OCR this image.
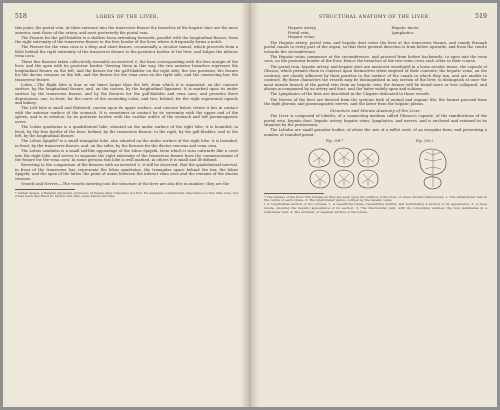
518	LOBES OF THE LIVER.

this point, the portal vein. At their entrance into the transverse fissure the branches of the hepatic duct are the most anterior, next those of the artery, and most posteriorly the portal vein.

The Fissure for the gall-bladder is a shallow fossa extending forwards, parallel with the longitudinal fissure, from the right extremity of the transverse fissure to the free border of the liver, where it frequently forms a notch.

The Fissure for the vena cava is a deep and short fissure, occasionally a circular tunnel, which proceeds from a little behind the right extremity of the transverse fissure to the posterior border of the liver, and lodges the inferior vena cava.

These five fissures taken collectively resemble an inverted ⋎, the base corresponding with the free margin of the liver, and the apex with its posterior border. Viewing them in this way, the two anterior branches represent the longitudinal fissure on the left, and the fissure for the gall-bladder on the right side; the two posterior, the fissure for the ductus venosus on the left, and the fissure for the vena cava on the right side; and the connecting bar, the transverse fissure.

Lobes.—The Right lobe is four or six times larger than the left, from which it is separated, on the concave surface, by the longitudinal fissure, and, on the convex, by the longitudinal ligament. It is marked upon its under surface by the transverse fissure, and by the fissures for the gall-bladder and vena cava; and presents three depressions, one, in front, for the curve of the ascending colon, and two, behind, for the right suprarenal capsule and kidney.

The Left lobe is small and flattened, convex upon its upper surface, and concave below, where it lies in contact with the anterior surface of the stomach. It is sometimes in contact by its extremity with the upper end of the spleen, and is in relation, by its posterior border, with the cardiac orifice of the stomach and left pneumogastric nerve.

The Lobus quadratus is a quadrilateral lobe, situated on the under surface of the right lobe; it is bounded, in front, by the free border of the liver; behind, by the transverse fissure; to the right, by the gall-bladder; and to the left, by the longitudinal fissure.

The Lobus Spigelii* is a small triangular lobe, also situated on the under surface of the right lobe: it is bounded, in front, by the transverse fissure; and, on the sides, by the fissures for the ductus venosus and vena cava.

The Lobus caudatus is a small tail-like appendage of the lobus Spigelii, from which it runs outwards like a crest into the right lobe, and serves to separate the right extremity of the transverse fissure from the commencement of the fissure for the vena cava. In some persons this lobe is well marked, in others it is small and ill-defined.

Reverting to the comparison of the fissures with an inverted ⋎, it will be observed, that the quadrilateral interval, in front of the transverse bar, represents the lobus quadratus; the triangular space behind the bar, the lobus Spigelii; and the apex of the latter, the point of union between the inferior vena cava and the remains of the ductus venosus.

Vessels and Nerves.—The vessels entering into the structure of the liver are also five in number; they are the

* Adrian Spigel, a Belgian physician, professor at Padua after Casserius in 1616. He assigned considerable importance to this little lobe, but it had been described by Sylvius full sixty years before his time.
STRUCTURAL ANATOMY OF THE LIVER.	519
Hepatic artery,
Portal vein,
Hepatic veins,
Hepatic ducts,
Lymphatics.

The Hepatic artery, portal vein, and hepatic duct enter the liver at the transverse fissure, and ramify through portal canals to every part of the organ; so that their general direction is from below upwards, and from the centre towards the circumference.

The Hepatic veins commence at the circumference, and proceed from before backwards, to open into the vena cava, on the posterior border of the liver. Hence the branches of the two veins cross each other in their course.

The portal vein, hepatic artery, and hepatic duct are moreover enveloped in a loose areolar tissue, the capsule of Glisson, which permits them to contract upon themselves when emptied of their contents; the hepatic veins, on the contrary, are closely adherent by their parietes to the surface of the canals in which they run, and are unable to contract. By these characters the vessels may be distinguished in any section of the liver, to distinguish at once the most minute branch of the portal vein from an hepatic vein: the former will be found more or less collapsed, and always accompanied by an artery and duct, and the latter widely open and solitary.

The Lymphatics of the liver are described in the Chapter dedicated to those vessels.

The Nerves of the liver are derived from the systems both of animal and organic life; the former proceed from the right phrenic and pneumogastric nerves, and the latter from the hepatic plexus.

Structure and Minute Anatomy of the Liver.

The Liver is composed of lobules, of a connecting medium called Glisson's capsule, of the ramifications of the portal vein, hepatic duct, hepatic artery, hepatic veins, lymphatics, and nerves, and is enclosed and retained in its situation by the peritoneum.

The Lobules are small granular bodies, of about the size of a millet seed, of an irregular form, and presenting a number of rounded promi-

Fig. 258.*	Fig. 259.†
* The lobules of the liver. The lobules as they are seen upon the surface of the liver, or when divided transversely. 1. The intralobular vein in the centre of each lobule. 2. The interlobular plexus, formed by the hepatic veins.
† A longitudinal section of two lobules. 1. A superficial lobule, resembling slightly, and terminating a section of its appearance. 2. A deep lobule, showing the hepatic appearance of its section. 3. The interlobular vein, with its converging venules; the vein terminates in a sublobular vein. 4. The external, or capsular surface of the lobule.
